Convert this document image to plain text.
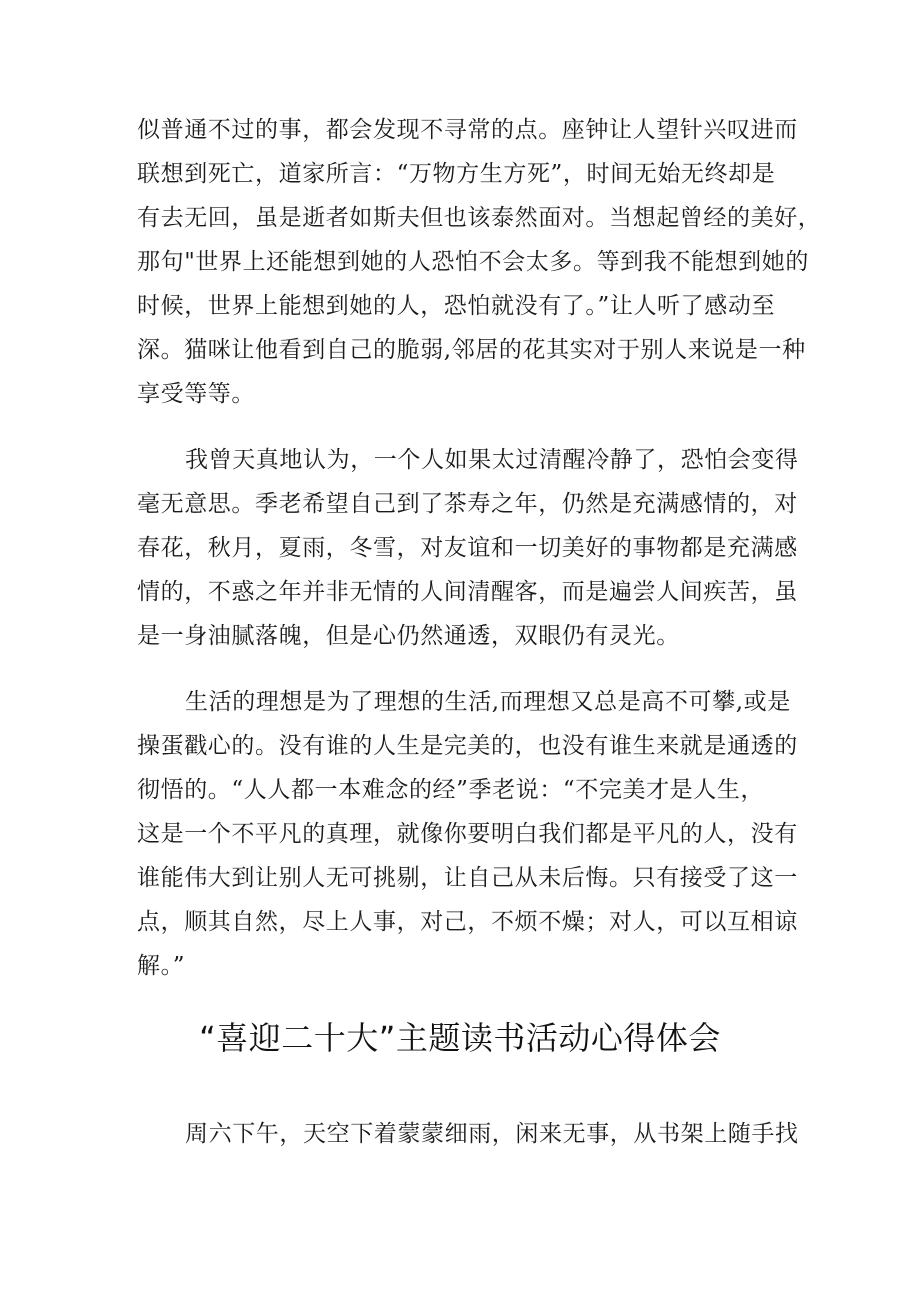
似普通不过的事，都会发现不寻常的点。座钟让人望针兴叹进而
联想到死亡，道家所言：“万物方生方死”，时间无始无终却是
有去无回，虽是逝者如斯夫但也该泰然面对。当想起曾经的美好，
那句"世界上还能想到她的人恐怕不会太多。等到我不能想到她的
时候，世界上能想到她的人，恐怕就没有了。”让人听了感动至
深。猫咪让他看到自己的脆弱,邻居的花其实对于别人来说是一种
享受等等。
我曾天真地认为，一个人如果太过清醒冷静了，恐怕会变得
毫无意思。季老希望自己到了茶寿之年，仍然是充满感情的，对
春花，秋月，夏雨，冬雪，对友谊和一切美好的事物都是充满感
情的，不惑之年并非无情的人间清醒客，而是遍尝人间疾苦，虽
是一身油腻落魄，但是心仍然通透，双眼仍有灵光。
生活的理想是为了理想的生活,而理想又总是高不可攀,或是
操蛋戳心的。没有谁的人生是完美的，也没有谁生来就是通透的
彻悟的。“人人都一本难念的经”季老说：“不完美才是人生，
这是一个不平凡的真理，就像你要明白我们都是平凡的人，没有
谁能伟大到让别人无可挑剔，让自己从未后悔。只有接受了这一
点，顺其自然，尽上人事，对己，不烦不燥；对人，可以互相谅
解。”
“喜迎二十大”主题读书活动心得体会
周六下午，天空下着蒙蒙细雨，闲来无事，从书架上随手找
